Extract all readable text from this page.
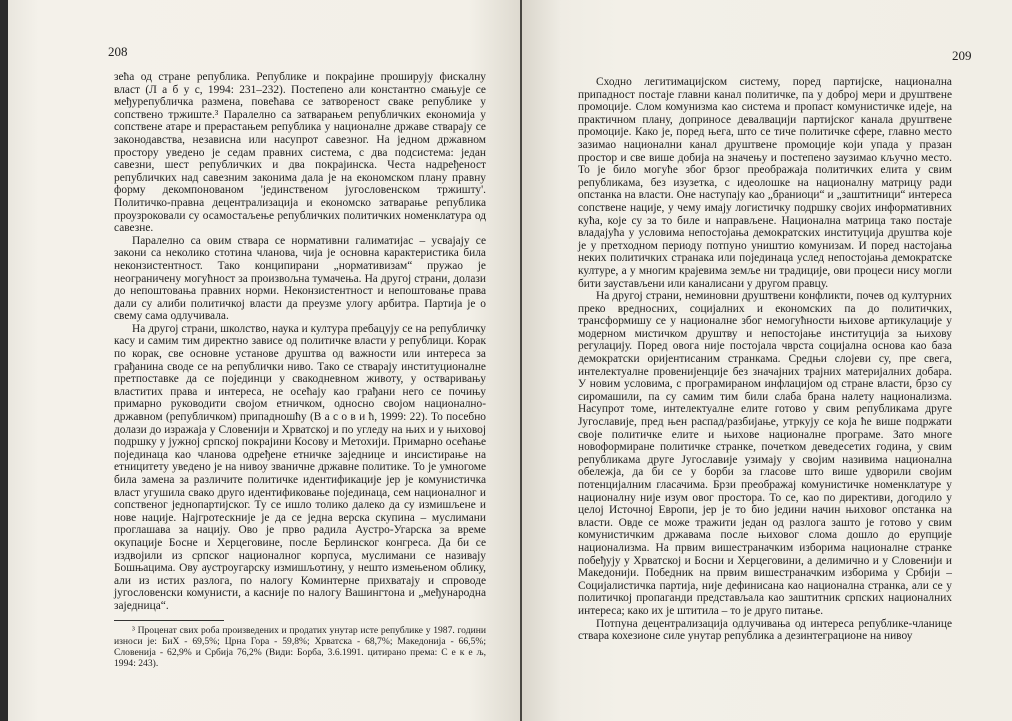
208

зећа од стране република. Републике и покрајине проширују фискалну власт (Л а б у с, 1994: 231–232). Постепено али константно смањује се међурепубличка размена, повећава се затвореност сваке републике у сопствено тржиште.³ Паралелно са затварањем републичких економија у сопствене атаре и прерастањем република у националне државе стварају се законодавства, независна или насупрот савезног. На једном државном простору уведено је седам правних система, с два подсистема: један савезни, шест републичких и два покрајинска. Честа надређеност републичких над савезним законима дала је на економском плану правну форму декомпонованом 'јединственом југословенском тржишту'. Политичко-правна децентрализација и економско затварање република проузроковали су осамостаљење републичких политичких номенклатура од савезне.

Паралелно са овим ствара се нормативни галиматијас – усвајају се закони са неколико стотина чланова, чија је основна карактеристика била неконзистентност. Тако конципирани „нормативизам“ пружао је неограничену могућност за произвољна тумачења. На другој страни, долази до непоштовања правних норми. Неконзистентност и непоштовање права дали су алиби политичкој власти да преузме улогу арбитра. Партија је о свему сама одлучивала.

На другој страни, школство, наука и култура пребацују се на републичку касу и самим тим директно зависе од политичке власти у републици. Корак по корак, све основне установе друштва од важности или интереса за грађанина своде се на републички ниво. Тако се стварају институционалне претпоставке да се појединци у свакодневном животу, у остваривању властитих права и интереса, не осећају као грађани него се почињу примарно руководити својом етничком, односно својом национално-државном (републичком) припадношћу (В а с о в и ћ, 1999: 22). То посебно долази до изражаја у Словенији и Хрватској и по угледу на њих и у њиховој подршку у јужној српској покрајини Косову и Метохији. Примарно осећање појединаца као чланова одређене етничке заједнице и инсистирање на етницитету уведено је на нивоу званичне државне политике. То је умногоме била замена за различите политичке идентификације јер је комунистичка власт угушила свако друго идентификовање појединаца, сем националног и сопственог једнопартијског. Ту се ишло толико далеко да су измишљене и нове нације. Најгротескније је да се једна верска скупина – муслимани проглашава за нацију. Ово је прво радила Аустро-Угарска за време окупације Босне и Херцеговине, после Берлинског конгреса. Да би се издвојили из српског националног корпуса, муслимани се називају Бошњацима. Ову аустроугарску измишљотину, у нешто измењеном облику, али из истих разлога, по налогу Коминтерне прихватају и спроводе југословенски комунисти, а касније по налогу Вашингтона и „међународна заједница“.

³ Проценат свих роба произведених и продатих унутар исте републике у 1987. години износи је: БиХ - 69,5%; Црна Гора - 59,8%; Хрватска - 68,7%; Македонија - 66,5%; Словенија - 62,9% и Србија 76,2% (Види: Борба, 3.6.1991. цитирано према: С е к е љ, 1994: 243).

209

Сходно легитимацијском систему, поред партијске, национална припадност постаје главни канал политичке, па у доброј мери и друштвене промоције. Слом комунизма као система и пропаст комунистичке идеје, на практичном плану, доприносе девалвацији партијског канала друштвене промоције. Како је, поред њега, што се тиче политичке сфере, главно место зазимао национални канал друштвене промоције који упада у празан простор и све више добија на значењу и постепено заузимао кључно место. То је било могуће због брзог преображаја политичких елита у свим републикама, без изузетка, с идеолошке на националну матрицу ради опстанка на власти. Оне наступају као „браниоци“ и „заштитници“ интереса сопствене нације, у чему имају логистичку подршку својих информативних кућа, које су за то биле и направљене. Национална матрица тако постаје владајућа у условима непостојања демократских институција друштва које је у претходном периоду потпуно уништио комунизам. И поред настојања неких политичких странака или појединаца услед непостојања демократске културе, а у многим крајевима земље ни традиције, ови процеси нису могли бити заустављени или каналисани у другом правцу.

На другој страни, неминовни друштвени конфликти, почев од културних преко вредносних, социјалних и економских па до политичких, трансформишу се у националне због немогућности њихове артикулације у модерном мистичком друштву и непостојање институција за њихову регулацију. Поред овога није постојала чврста социјална основа као база демократски оријентисаним странкама. Средњи слојеви су, пре свега, интелектуалне провенијенције без значајних трајних материјалних добара. У новим условима, с програмираном инфлацијом од стране власти, брзо су сиромашили, па су самим тим били слаба брана налету национализма. Насупрот томе, интелектуалне елите готово у свим републикама друге Југославије, пред њен распад/разбијање, утркују се која ће више подржати своје политичке елите и њихове националне програме. Зато многе новоформиране политичке странке, почетком деведесетих година, у свим републикама друге Југославије узимају у својим називима национална обележја, да би се у борби за гласове што више удворили својим потенцијалним гласачима. Брзи преображај комунистичке номенклатуре у националну није изум овог простора. То се, као по директиви, догодило у целој Источној Европи, јер је то био једини начин њиховог опстанка на власти. Овде се може тражити један од разлога зашто је готово у свим комунистичким државама после њиховог слома дошло до ерупције национализма. На првим вишестраначким изборима националне странке побеђују у Хрватској и Босни и Херцеговини, а делимично и у Словенији и Македонији. Победник на првим вишестраначким изборима у Србији – Социјалистичка партија, није дефинисана као национална странка, али се у политичкој пропаганди представљала као заштитник српских националних интереса; како их је штитила – то је друго питање.

Потпуна децентрализација одлучивања од интереса републике-чланице ствара кохезионе силе унутар република а дезинтеграционе на нивоу
